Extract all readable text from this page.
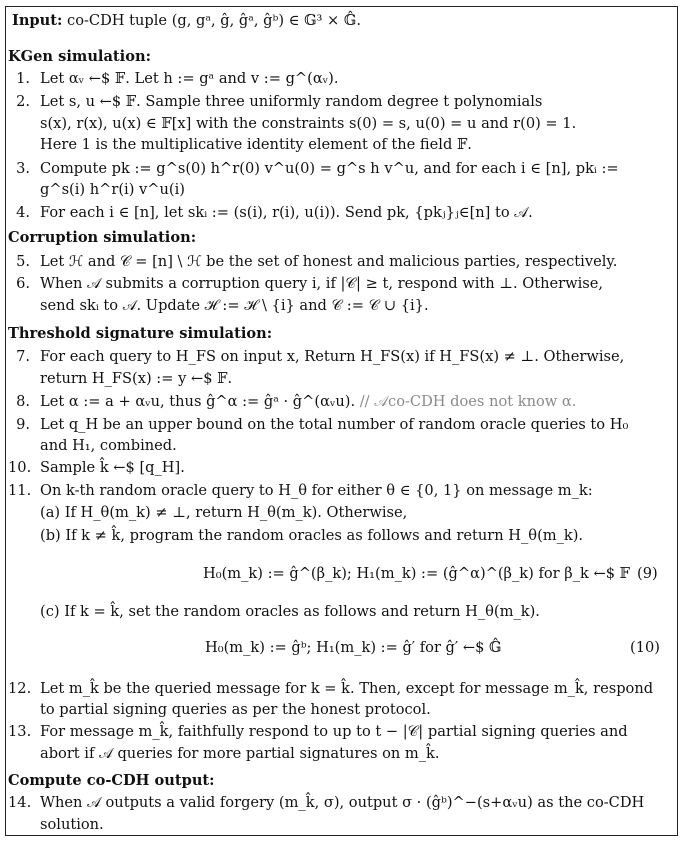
Input: co-CDH tuple (g, gᵃ, ĝ, ĝᵃ, ĝᵇ) ∈ 𝔾³ × 𝔾̂.
KGen simulation:
1. Let αᵥ ←$ 𝔽. Let h := gᵃ and v := g^(αᵥ).
2. Let s, u ←$ 𝔽. Sample three uniformly random degree t polynomials
s(x), r(x), u(x) ∈ 𝔽[x] with the constraints s(0) = s, u(0) = u and r(0) = 1.
Here 1 is the multiplicative identity element of the field 𝔽.
3. Compute pk := g^s(0) h^r(0) v^u(0) = g^s h v^u, and for each i ∈ [n], pkᵢ :=
g^s(i) h^r(i) v^u(i)
4. For each i ∈ [n], let skᵢ := (s(i), r(i), u(i)). Send pk, {pkⱼ}ⱼ∈[n] to 𝒜.
Corruption simulation:
5. Let ℋ and 𝒞 = [n] \ ℋ be the set of honest and malicious parties, respectively.
6. When 𝒜 submits a corruption query i, if |𝒞| ≥ t, respond with ⊥. Otherwise,
send skᵢ to 𝒜. Update ℋ := ℋ \ {i} and 𝒞 := 𝒞 ∪ {i}.
Threshold signature simulation:
7. For each query to H_FS on input x, Return H_FS(x) if H_FS(x) ≠ ⊥. Otherwise,
return H_FS(x) := y ←$ 𝔽.
8. Let α := a + αᵥu, thus ĝ^α := ĝᵃ · ĝ^(αᵥu). // 𝒜co-CDH does not know α.
9. Let q_H be an upper bound on the total number of random oracle queries to H₀
and H₁, combined.
10. Sample k̂ ←$ [q_H].
11. On k-th random oracle query to H_θ for either θ ∈ {0, 1} on message m_k:
(a) If H_θ(m_k) ≠ ⊥, return H_θ(m_k). Otherwise,
(b) If k ≠ k̂, program the random oracles as follows and return H_θ(m_k).
H₀(m_k) := ĝ^(β_k); H₁(m_k) := (ĝ^α)^(β_k) for β_k ←$ 𝔽 (9)
(c) If k = k̂, set the random oracles as follows and return H_θ(m_k).
H₀(m_k) := ĝᵇ; H₁(m_k) := ĝ′ for ĝ′ ←$ 𝔾̂	(10)
12. Let m_k̂ be the queried message for k = k̂. Then, except for message m_k̂, respond
to partial signing queries as per the honest protocol.
13. For message m_k̂, faithfully respond to up to t − |𝒞| partial signing queries and
abort if 𝒜 queries for more partial signatures on m_k̂.
Compute co-CDH output:
14. When 𝒜 outputs a valid forgery (m_k̂, σ), output σ · (ĝᵇ)^−(s+αᵥu) as the co-CDH
solution.
